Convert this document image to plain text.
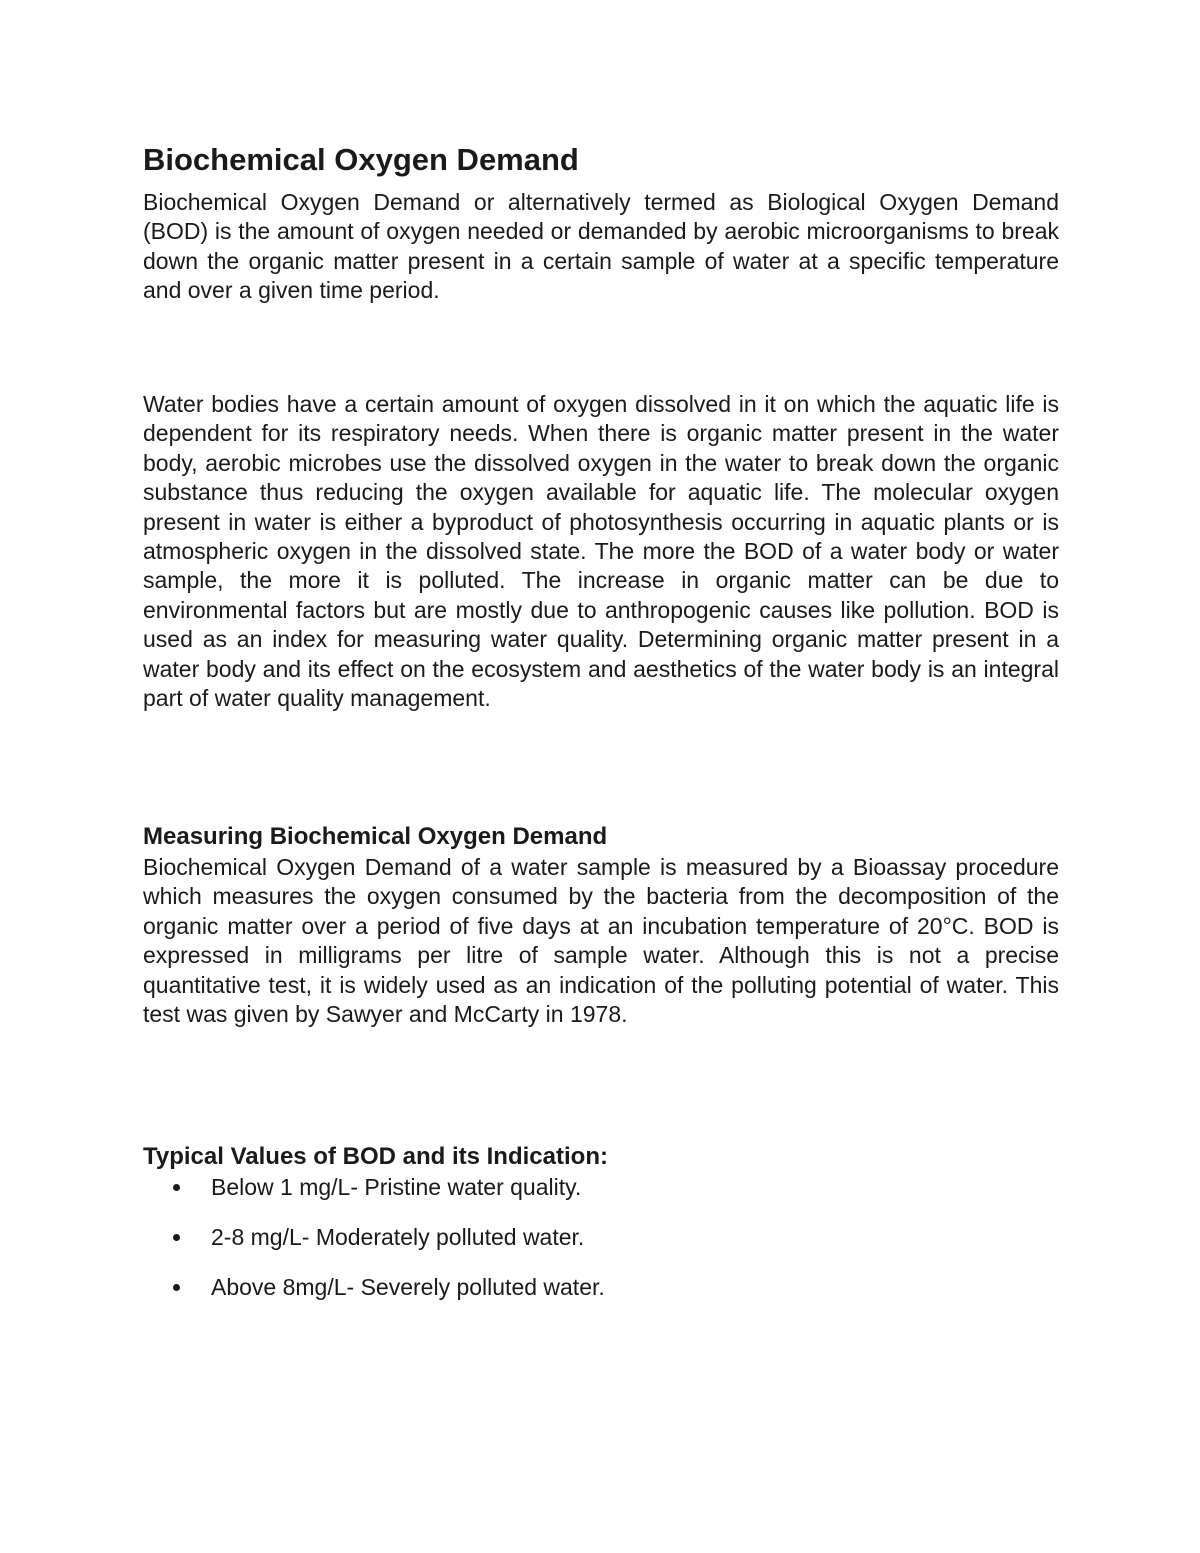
Biochemical Oxygen Demand

Biochemical Oxygen Demand or alternatively termed as Biological Oxygen Demand (BOD) is the amount of oxygen needed or demanded by aerobic microorganisms to break down the organic matter present in a certain sample of water at a specific temperature and over a given time period.

Water bodies have a certain amount of oxygen dissolved in it on which the aquatic life is dependent for its respiratory needs. When there is organic matter present in the water body, aerobic microbes use the dissolved oxygen in the water to break down the organic substance thus reducing the oxygen available for aquatic life. The molecular oxygen present in water is either a byproduct of photosynthesis occurring in aquatic plants or is atmospheric oxygen in the dissolved state. The more the BOD of a water body or water sample, the more it is polluted. The increase in organic matter can be due to environmental factors but are mostly due to anthropogenic causes like pollution. BOD is used as an index for measuring water quality. Determining organic matter present in a water body and its effect on the ecosystem and aesthetics of the water body is an integral part of water quality management.

Measuring Biochemical Oxygen Demand

Biochemical Oxygen Demand of a water sample is measured by a Bioassay procedure which measures the oxygen consumed by the bacteria from the decomposition of the organic matter over a period of five days at an incubation temperature of 20°C. BOD is expressed in milligrams per litre of sample water. Although this is not a precise quantitative test, it is widely used as an indication of the polluting potential of water. This test was given by Sawyer and McCarty in 1978.

Typical Values of BOD and its Indication:
Below 1 mg/L- Pristine water quality.
2-8 mg/L- Moderately polluted water.
Above 8mg/L- Severely polluted water.
